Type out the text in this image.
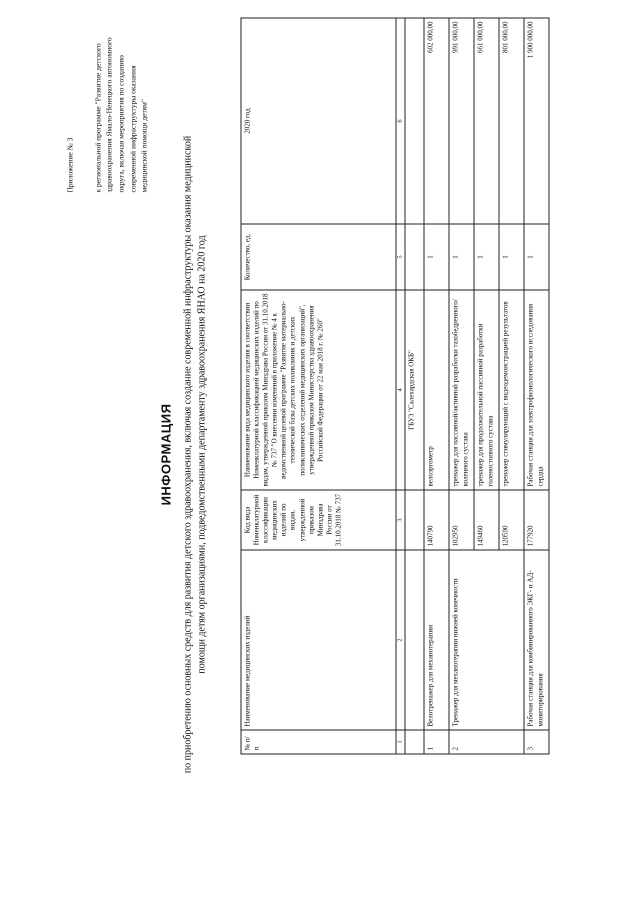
Приложение № 3 к региональной программе "Развитие детского здравоохранения Ямало-Ненецкого автономного округа, включая мероприятия по созданию современной инфраструктуры оказания медицинской помощи детям"
ИНФОРМАЦИЯ по приобретению основных средств для развития детского здравоохранения, включая создание современной инфраструктуры оказания медицинской помощи детям организациями, подведомственными департаменту здравоохранения ЯНАО на 2020 год
№ п/п	Наименование медицинских изделий	Код вида Номенклатурной классификации медицинских изделий по видам, утвержденной приказом Минздрава России от 31.10.2018 № 737	Наименование вида медицинского изделия в соответствии Номенклатурной классификацией медицинских изделий по видам, утвержденной приказом Минздрава России от 31.10.2018 № 737 "О внесении изменений в приложение № 4 к ведомственной целевой программе "Развитие материально-технической базы детских поликлиник и детских поликлинических отделений медицинских организаций", утвержденной приказом Министерства здравоохранения Российской Федерации от 22 мая 2018 г. № 260"	Количество, ед.	2020 год
1	2	3	4	5	6
			ГБУЗ "Салехардская ОКБ"		
1	Велотренажер для механотерапии	140790	велоэргометр	1	602 000,00
2	Тренажер для механотерапии нижней конечности	102950	тренажер для пассивной/активной разработки тазобедренного/коленного сустава	1	991 000,00
		149460	тренажер для продолжительной пассивной разработки голеностопного сустава	1	661 000,00
		120590	тренажер стимулирующий с видеодемонстрацией результатов	1	801 000,00
3	Рабочая станция для комбинированного ЭКГ- и АД-мониторирования	177920	Рабочая станция для электрофизиологического исследования сердца	1	1 900 000,00
